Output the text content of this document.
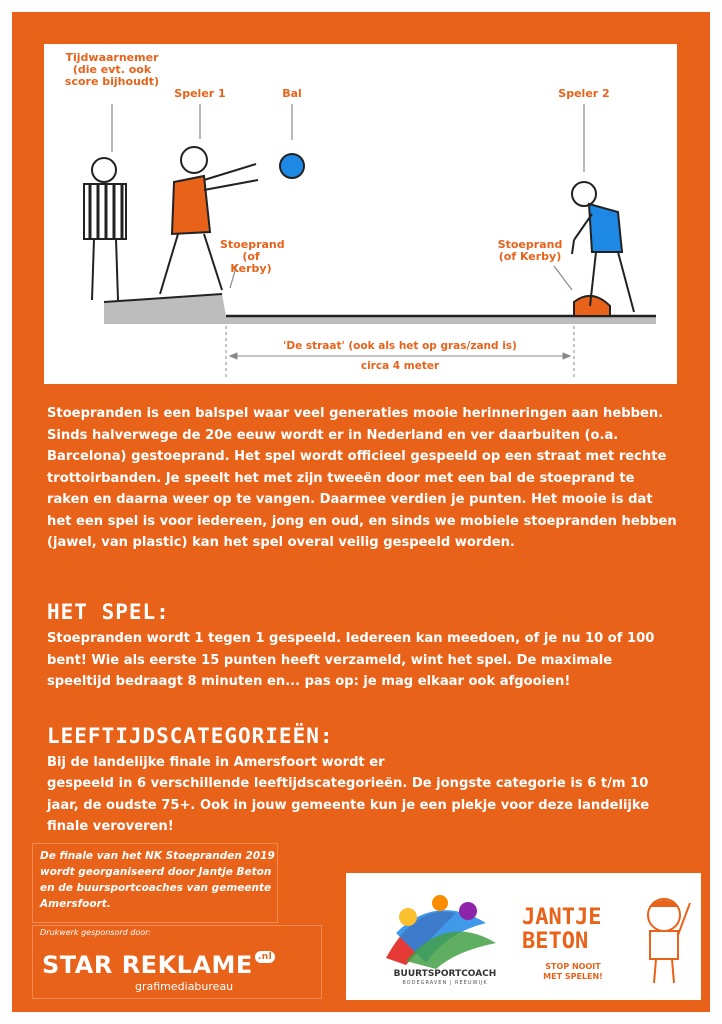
Tijdwaarnemer (die evt. ook score bijhoudt)
Speler 1	Bal	Speler 2
Stoeprand (of Kerby)
Stoeprand (of Kerby)
'De straat' (ook als het op gras/zand is)
circa 4 meter
Stoepranden is een balspel waar veel generaties mooie herinneringen aan hebben. Sinds halverwege de 20e eeuw wordt er in Nederland en ver daarbuiten (o.a. Barcelona) gestoeprand. Het spel wordt officieel gespeeld op een straat met rechte trottoirbanden. Je speelt het met zijn tweeën door met een bal de stoeprand te raken en daarna weer op te vangen. Daarmee verdien je punten. Het mooie is dat het een spel is voor iedereen, jong en oud, en sinds we mobiele stoepranden hebben (jawel, van plastic) kan het spel overal veilig gespeeld worden.
HET SPEL:
Stoepranden wordt 1 tegen 1 gespeeld. Iedereen kan meedoen, of je nu 10 of 100 bent! Wie als eerste 15 punten heeft verzameld, wint het spel. De maximale speeltijd bedraagt 8 minuten en... pas op: je mag elkaar ook afgooien!
LEEFTIJDSCATEGORIEËN:
Bij de landelijke finale in Amersfoort wordt er
gespeeld in 6 verschillende leeftijdscategorieën. De jongste categorie is 6 t/m 10 jaar, de oudste 75+. Ook in jouw gemeente kun je een plekje voor deze landelijke finale veroveren!
De finale van het NK Stoepranden 2019 wordt georganiseerd door Jantje Beton en de buursportcoaches van gemeente Amersfoort.
Drukwerk gesponsord door:
STAR REKLAME .nl
grafimediabureau
BUURTSPORTCOACH
BODEGRAVEN | REEUWIJK
JANTJE
BETON
STOP NOOIT MET SPELEN!
